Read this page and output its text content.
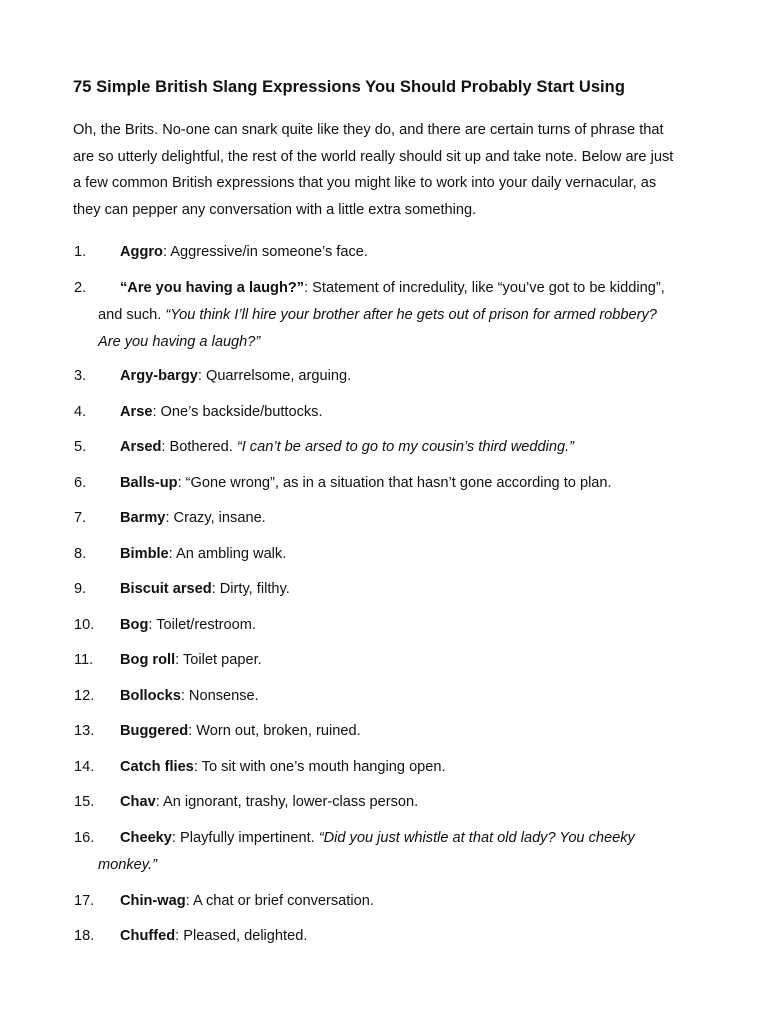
75 Simple British Slang Expressions You Should Probably Start Using
Oh, the Brits. No-one can snark quite like they do, and there are certain turns of phrase that
are so utterly delightful, the rest of the world really should sit up and take note. Below are just
a few common British expressions that you might like to work into your daily vernacular, as
they can pepper any conversation with a little extra something.
1. Aggro: Aggressive/in someone’s face.
2. “Are you having a laugh?”: Statement of incredulity, like “you’ve got to be kidding”,
and such. “You think I’ll hire your brother after he gets out of prison for armed robbery?
Are you having a laugh?”
3. Argy-bargy: Quarrelsome, arguing.
4. Arse: One’s backside/buttocks.
5. Arsed: Bothered. “I can’t be arsed to go to my cousin’s third wedding.”
6. Balls-up: “Gone wrong”, as in a situation that hasn’t gone according to plan.
7. Barmy: Crazy, insane.
8. Bimble: An ambling walk.
9. Biscuit arsed: Dirty, filthy.
10. Bog: Toilet/restroom.
11. Bog roll: Toilet paper.
12. Bollocks: Nonsense.
13. Buggered: Worn out, broken, ruined.
14. Catch flies: To sit with one’s mouth hanging open.
15. Chav: An ignorant, trashy, lower-class person.
16. Cheeky: Playfully impertinent. “Did you just whistle at that old lady? You cheeky
monkey.”
17. Chin-wag: A chat or brief conversation.
18. Chuffed: Pleased, delighted.
